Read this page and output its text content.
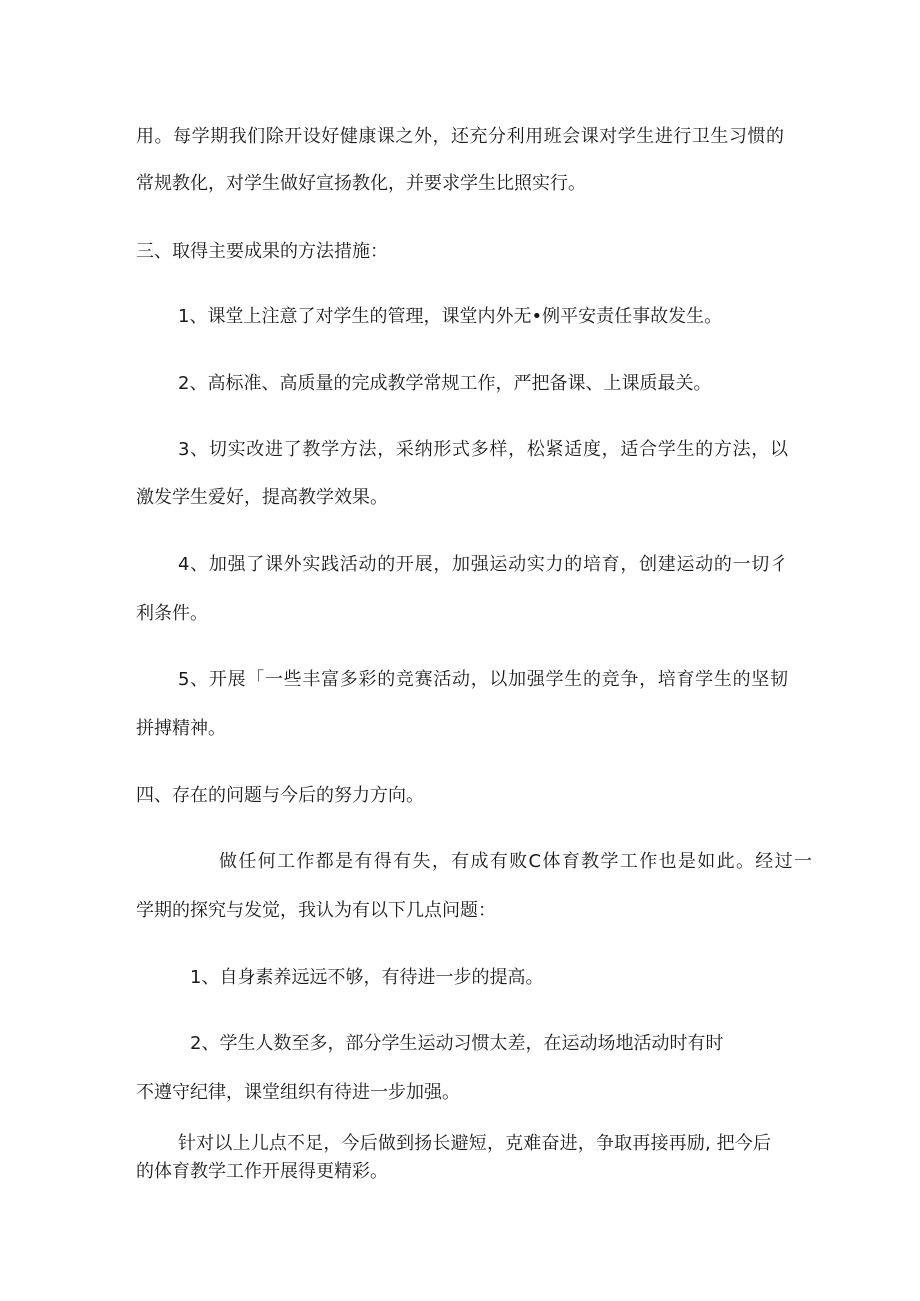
用。每学期我们除开设好健康课之外，还充分利用班会课对学生进行卫生习惯的
常规教化，对学生做好宣扬教化，并要求学生比照实行。
三、取得主要成果的方法措施：
1、课堂上注意了对学生的管理，课堂内外无•例平安责任事故发生。
2、高标准、高质量的完成教学常规工作，严把备课、上课质最关。
3、切实改进了教学方法，采纳形式多样，松紧适度，适合学生的方法，以
激发学生爱好，提高教学效果。
4、加强了课外实践活动的开展，加强运动实力的培育，创建运动的一切彳
利条件。
5、开展「一些丰富多彩的竞赛活动，以加强学生的竞争，培育学生的坚韧
拼搏精神。
四、存在的问题与今后的努力方向。
做任何工作都是有得有失，有成有败C体育教学工作也是如此。经过一
学期的探究与发觉，我认为有以下几点问题：
1、自身素养远远不够，有待进一步的提高。
2、学生人数至多，部分学生运动习惯太差，在运动场地活动时有时
不遵守纪律，课堂组织有待进一步加强。
针对以上儿点不足，今后做到扬长避短，克难奋进，争取再接再励, 把今后
的体育教学工作开展得更精彩。
